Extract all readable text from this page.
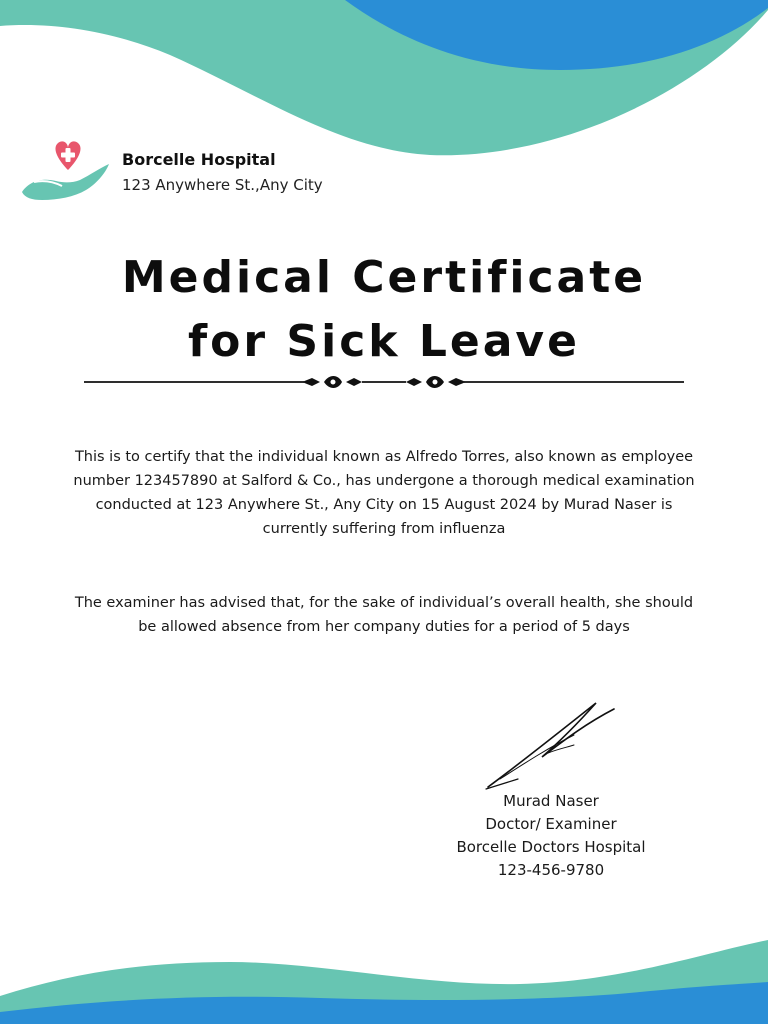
Borcelle Hospital
123 Anywhere St.,Any City
Medical Certificate
for Sick Leave
This is to certify that the individual known as Alfredo Torres, also known as employee number 123457890 at Salford & Co., has undergone a thorough medical examination conducted at 123 Anywhere St., Any City on 15 August 2024 by Murad Naser is currently suffering from influenza
The examiner has advised that, for the sake of individual’s overall health, she should be allowed absence from her company duties for a period of 5 days
Murad Naser
Doctor/ Examiner
Borcelle Doctors Hospital
123-456-9780
